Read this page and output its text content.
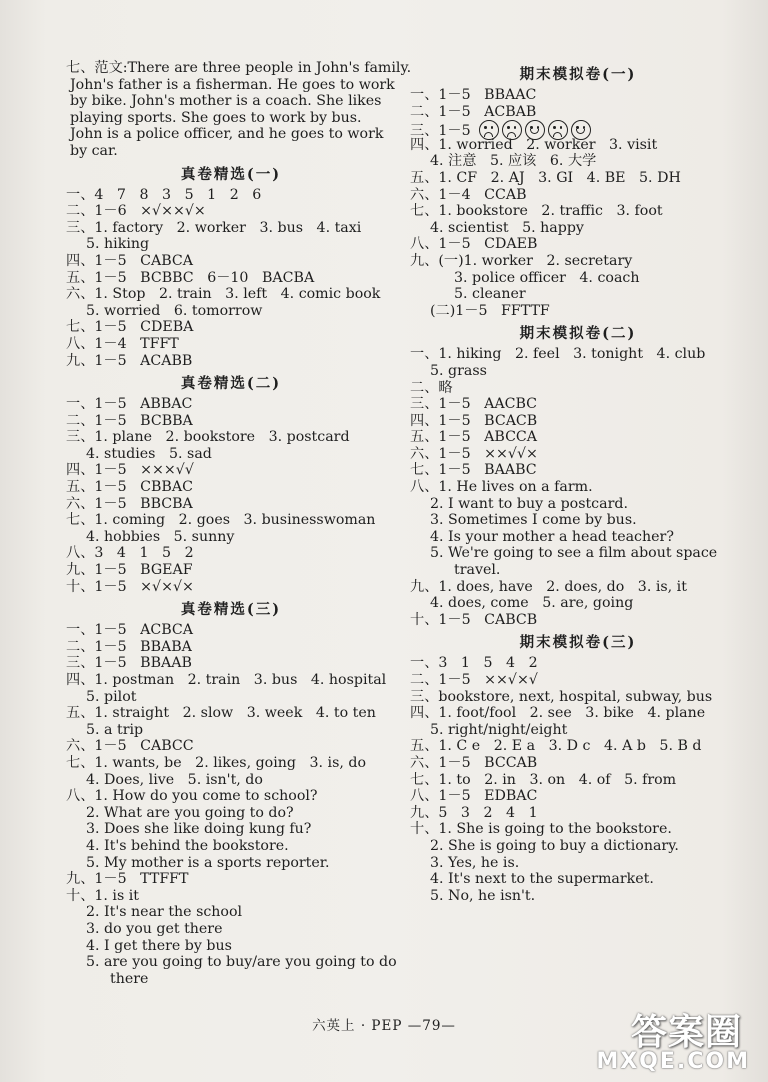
七、范文:There are three people in John's family.
John's father is a fisherman. He goes to work
by bike. John's mother is a coach. She likes
playing sports. She goes to work by bus.
John is a police officer, and he goes to work
by car.
真卷精选(一)
一、4   7   8   3   5   1   2   6
二、1－6   ×√××√×
三、1. factory   2. worker   3. bus   4. taxi
5. hiking
四、1－5   CABCA
五、1－5   BCBBC   6－10   BACBA
六、1. Stop   2. train   3. left   4. comic book
5. worried   6. tomorrow
七、1－5   CDEBA
八、1－4   TFFT
九、1－5   ACABB
真卷精选(二)
一、1－5   ABBAC
二、1－5   BCBBA
三、1. plane   2. bookstore   3. postcard
4. studies   5. sad
四、1－5   ×××√√
五、1－5   CBBAC
六、1－5   BBCBA
七、1. coming   2. goes   3. businesswoman
4. hobbies   5. sunny
八、3   4   1   5   2
九、1－5   BGEAF
十、1－5   ×√×√×
真卷精选(三)
一、1－5   ACBCA
二、1－5   BBABA
三、1－5   BBAAB
四、1. postman   2. train   3. bus   4. hospital
5. pilot
五、1. straight   2. slow   3. week   4. to ten
5. a trip
六、1－5   CABCC
七、1. wants, be   2. likes, going   3. is, do
4. Does, live   5. isn't, do
八、1. How do you come to school?
2. What are you going to do?
3. Does she like doing kung fu?
4. It's behind the bookstore.
5. My mother is a sports reporter.
九、1－5   TTFFT
十、1. is it
2. It's near the school
3. do you get there
4. I get there by bus
5. are you going to buy/are you going to do
there
期末模拟卷(一)
一、1－5   BBAAC
二、1－5   ACBAB
三、1－5
四、1. worried   2. worker   3. visit
4. 注意   5. 应该   6. 大学
五、1. CF   2. AJ   3. GI   4. BE   5. DH
六、1－4   CCAB
七、1. bookstore   2. traffic   3. foot
4. scientist   5. happy
八、1－5   CDAEB
九、(一)1. worker   2. secretary
3. police officer   4. coach
5. cleaner
(二)1－5   FFTTF
期末模拟卷(二)
一、1. hiking   2. feel   3. tonight   4. club
5. grass
二、略
三、1－5   AACBC
四、1－5   BCACB
五、1－5   ABCCA
六、1－5   ××√√×
七、1－5   BAABC
八、1. He lives on a farm.
2. I want to buy a postcard.
3. Sometimes I come by bus.
4. Is your mother a head teacher?
5. We're going to see a film about space
travel.
九、1. does, have   2. does, do   3. is, it
4. does, come   5. are, going
十、1－5   CABCB
期末模拟卷(三)
一、3   1   5   4   2
二、1－5   ××√×√
三、bookstore, next, hospital, subway, bus
四、1. foot/fool   2. see   3. bike   4. plane
5. right/night/eight
五、1. C e   2. E a   3. D c   4. A b   5. B d
六、1－5   BCCAB
七、1. to   2. in   3. on   4. of   5. from
八、1－5   EDBAC
九、5   3   2   4   1
十、1. She is going to the bookstore.
2. She is going to buy a dictionary.
3. Yes, he is.
4. It's next to the supermarket.
5. No, he isn't.
六英上 · PEP —79—	答案圈
MXQE.COM
